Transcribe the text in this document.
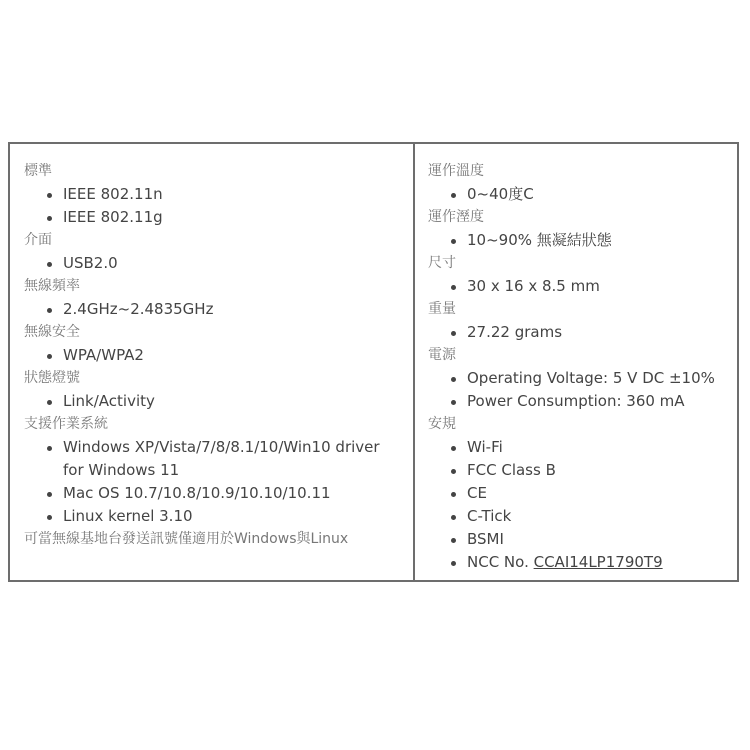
標準
IEEE 802.11n
IEEE 802.11g
介面
USB2.0
無線頻率
2.4GHz~2.4835GHz
無線安全
WPA/WPA2
狀態燈號
Link/Activity
支援作業系統
Windows XP/Vista/7/8/8.1/10/Win10 driver
for Windows 11
Mac OS 10.7/10.8/10.9/10.10/10.11
Linux kernel 3.10
可當無線基地台發送訊號僅適用於Windows與Linux
運作溫度
0~40度C
運作溼度
10~90% 無凝結狀態
尺寸
30 x 16 x 8.5 mm
重量
27.22 grams
電源
Operating Voltage: 5 V DC ±10%
Power Consumption: 360 mA
安規
Wi-Fi
FCC Class B
CE
C-Tick
BSMI
NCC No. CCAI14LP1790T9
